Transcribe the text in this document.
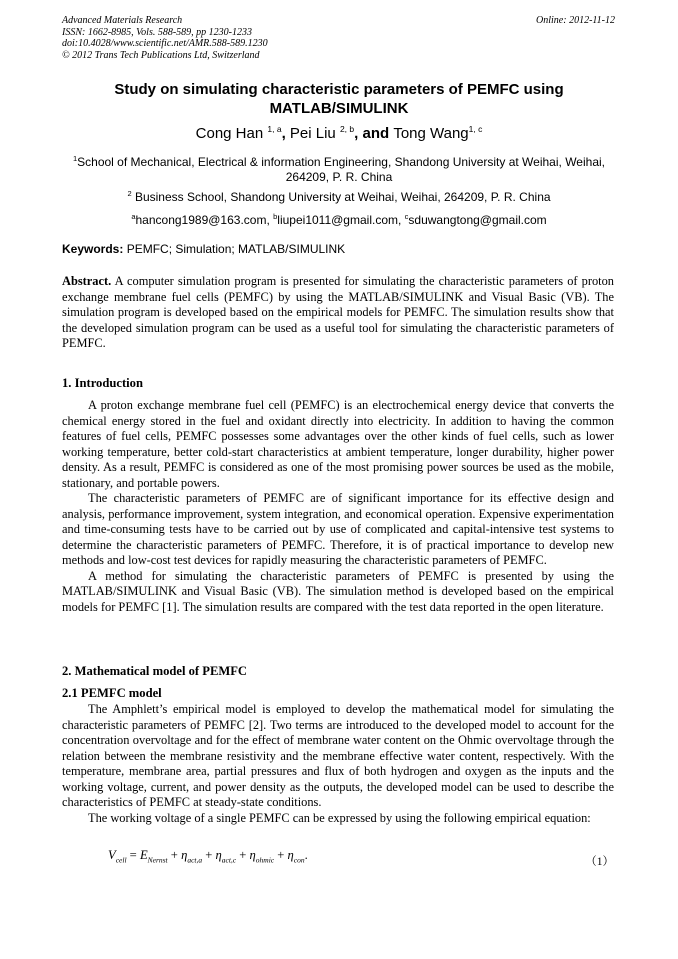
Advanced Materials Research
ISSN: 1662-8985, Vols. 588-589, pp 1230-1233
doi:10.4028/www.scientific.net/AMR.588-589.1230
© 2012 Trans Tech Publications Ltd, Switzerland
Online: 2012-11-12
Study on simulating characteristic parameters of PEMFC using
MATLAB/SIMULINK
Cong Han $^{1, a}$, Pei Liu $^{2, b}$, and Tong Wang$^{1, c}$
$^1$School of Mechanical, Electrical & information Engineering, Shandong University at Weihai, Weihai,
264209, P. R. China
$^2$ Business School, Shandong University at Weihai, Weihai, 264209, P. R. China
$^a$hancong1989@163.com, $^b$liupei1011@gmail.com, $^c$sduwangtong@gmail.com
Keywords: PEMFC; Simulation; MATLAB/SIMULINK

Abstract. A computer simulation program is presented for simulating the characteristic parameters of proton exchange membrane fuel cells (PEMFC) by using the MATLAB/SIMULINK and Visual Basic (VB). The simulation program is developed based on the empirical models for PEMFC. The simulation results show that the developed simulation program can be used as a useful tool for simulating the characteristic parameters of PEMFC.

1. Introduction

A proton exchange membrane fuel cell (PEMFC) is an electrochemical energy device that converts the chemical energy stored in the fuel and oxidant directly into electricity. In addition to having the common features of fuel cells, PEMFC possesses some advantages over the other kinds of fuel cells, such as lower working temperature, better cold-start characteristics at ambient temperature, longer durability, higher power density. As a result, PEMFC is considered as one of the most promising power sources be used as the mobile, stationary, and portable powers.

The characteristic parameters of PEMFC are of significant importance for its effective design and analysis, performance improvement, system integration, and economical operation. Expensive experimentation and time-consuming tests have to be carried out by use of complicated and capital-intensive test systems to determine the characteristic parameters of PEMFC. Therefore, it is of practical importance to develop new methods and low-cost test devices for rapidly measuring the characteristic parameters of PEMFC.

A method for simulating the characteristic parameters of PEMFC is presented by using the MATLAB/SIMULINK and Visual Basic (VB). The simulation method is developed based on the empirical models for PEMFC [1]. The simulation results are compared with the test data reported in the open literature.

2. Mathematical model of PEMFC
2.1 PEMFC model

The Amphlett’s empirical model is employed to develop the mathematical model for simulating the characteristic parameters of PEMFC [2]. Two terms are introduced to the developed model to account for the concentration overvoltage and for the effect of membrane water content on the Ohmic overvoltage through the relation between the membrane resistivity and the membrane effective water content, respectively. With the temperature, membrane area, partial pressures and flux of both hydrogen and oxygen as the inputs and the working voltage, current, and power density as the outputs, the developed model can be used to describe the characteristics of PEMFC at steady-state conditions.

The working voltage of a single PEMFC can be expressed by using the following empirical equation:

$V_{cell} = E_{Nernst} + \eta_{act,a} + \eta_{act,c} + \eta_{ohmic} + \eta_{con}$.	（1）
